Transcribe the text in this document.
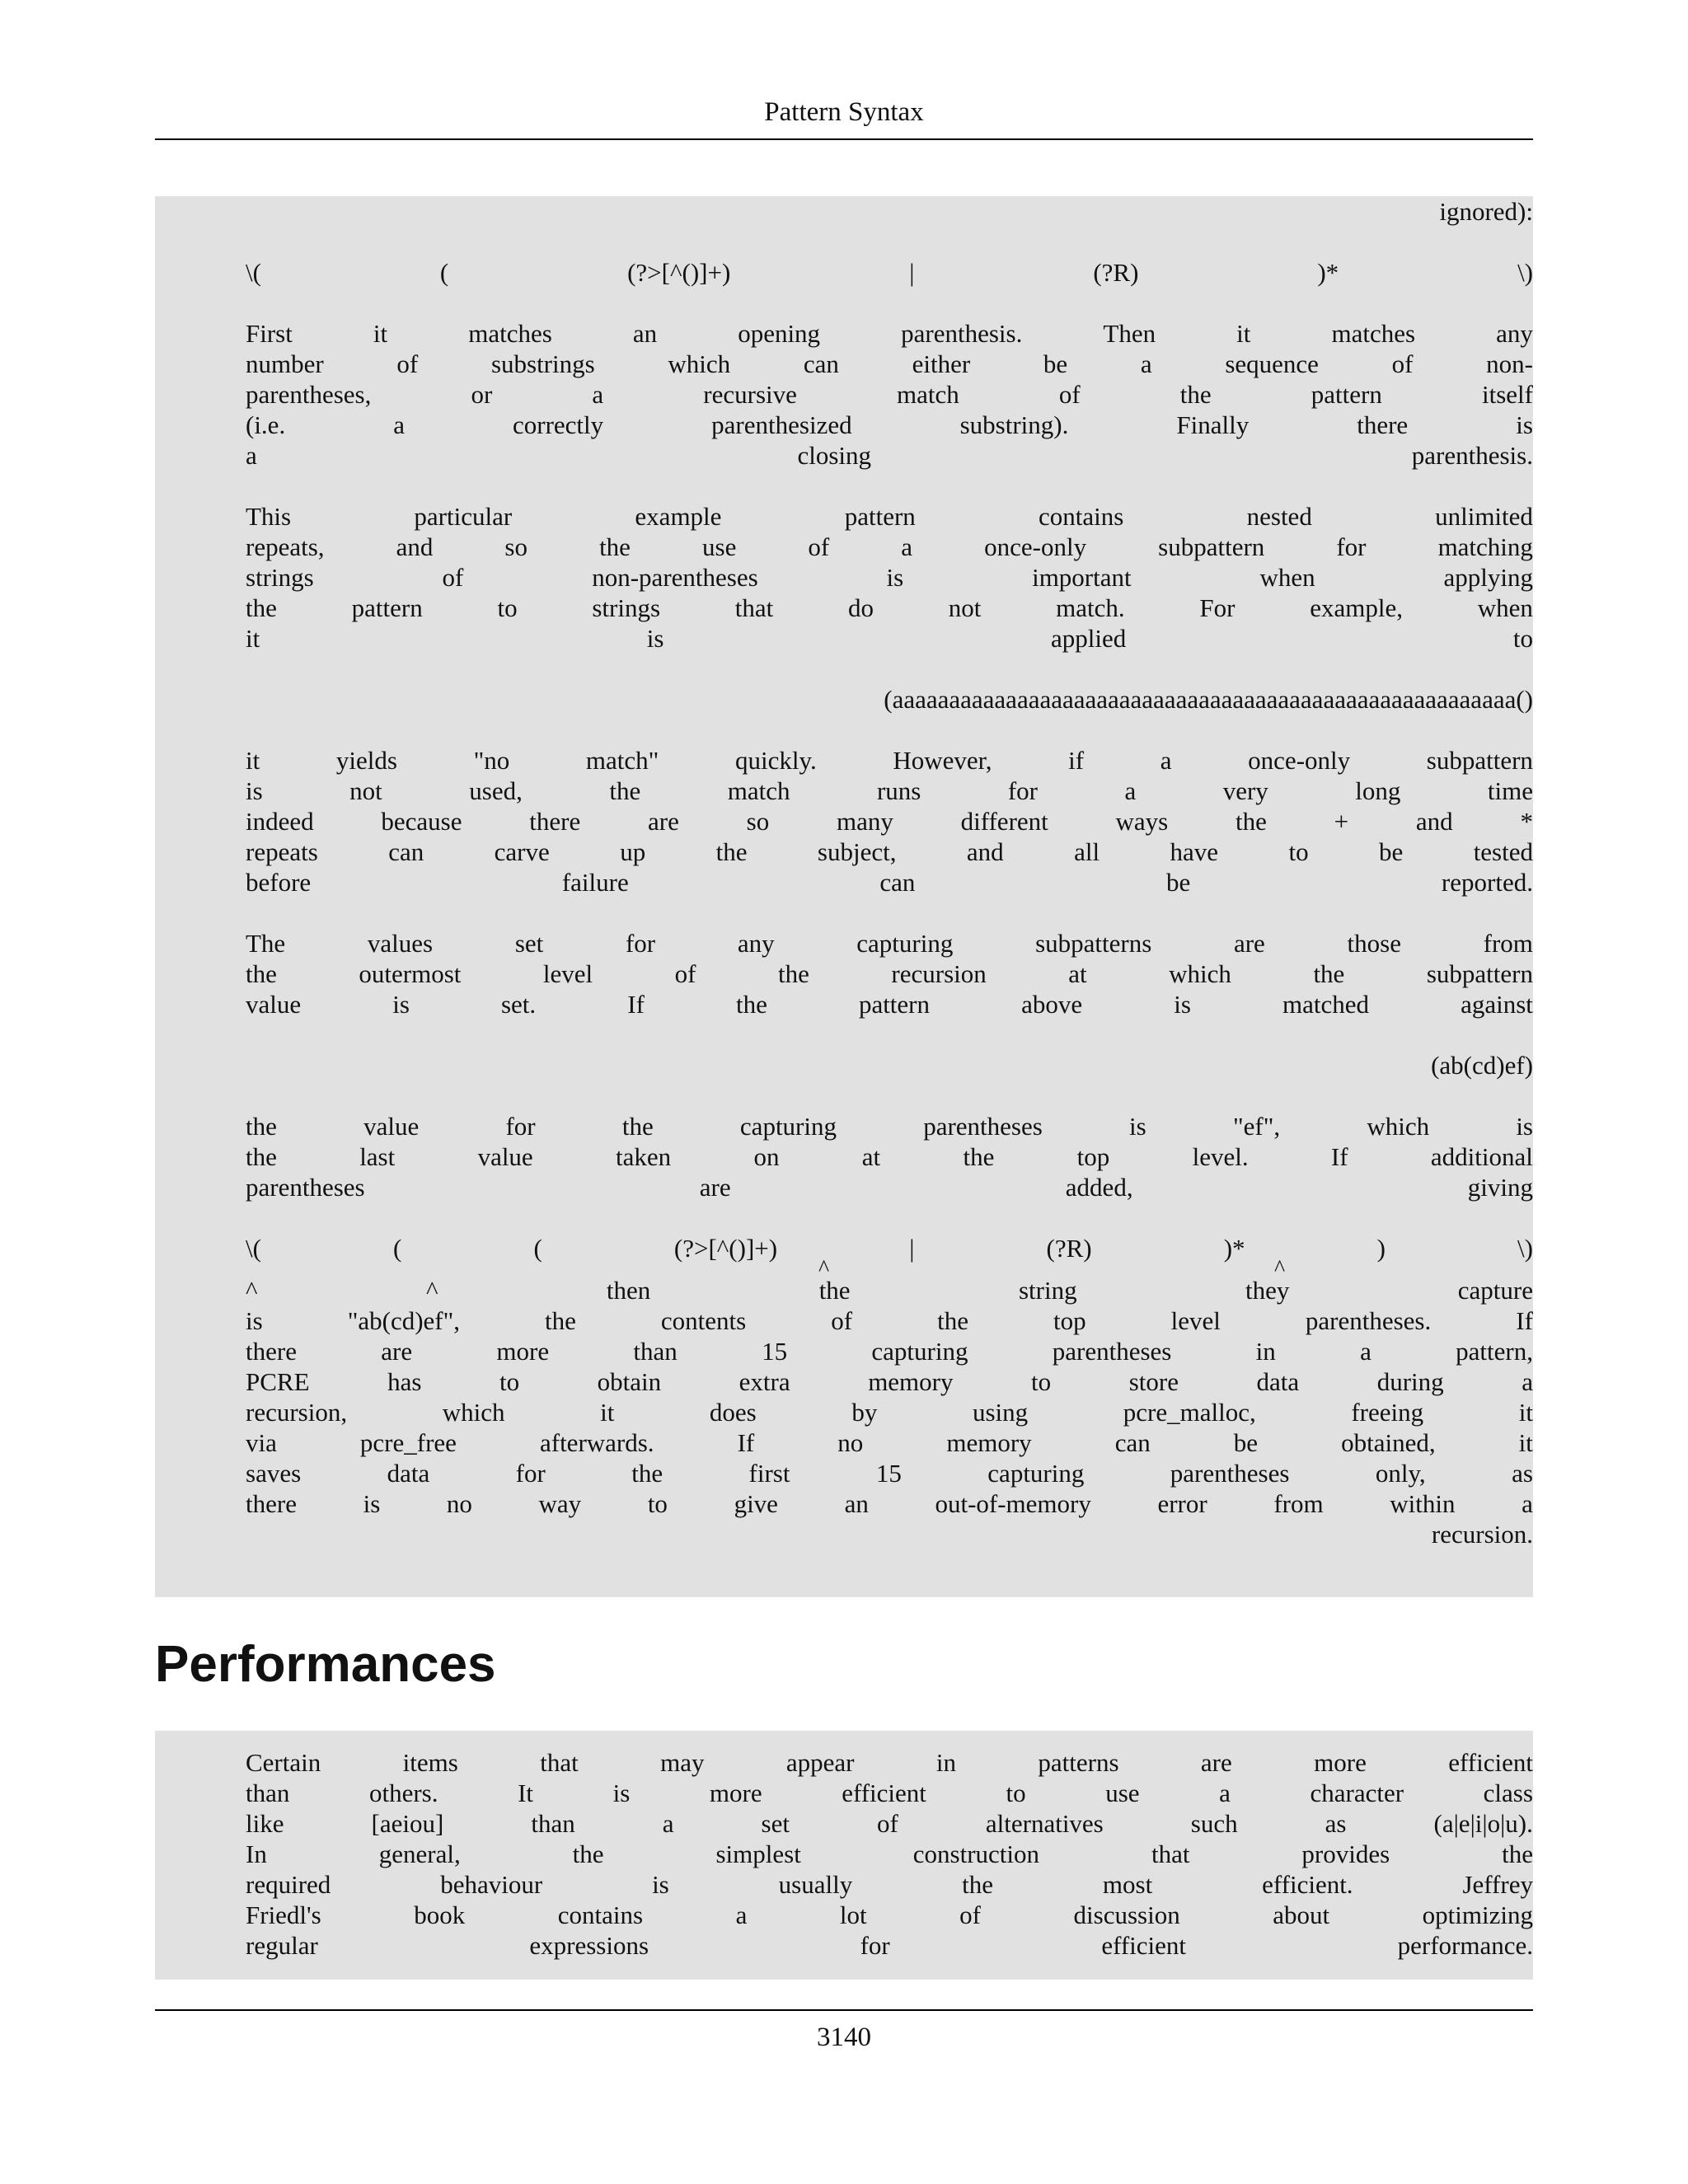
Pattern Syntax
ignored):
\(	(	(?>[^()]+)	|	(?R)	)*	\)
First	it	matches	an	opening	parenthesis.	Then	it	matches	any
number	of	substrings	which	can	either	be	a	sequence	of	non-
parentheses,	or	a	recursive	match	of	the	pattern	itself
(i.e.	a	correctly	parenthesized	substring).	Finally	there	is
a	closing	parenthesis.
This	particular	example	pattern	contains	nested	unlimited
repeats,	and	so	the	use	of	a	once-only	subpattern	for	matching
strings	of	non-parentheses	is	important	when	applying
the	pattern	to	strings	that	do	not	match.	For	example,	when
it	is	applied	to
(aaaaaaaaaaaaaaaaaaaaaaaaaaaaaaaaaaaaaaaaaaaaaaaaaaaaaaa()
it	yields	"no	match"	quickly.	However,	if	a	once-only	subpattern
is	not	used,	the	match	runs	for	a	very	long	time
indeed	because	there	are	so	many	different	ways	the	+	and	*
repeats	can	carve	up	the	subject,	and	all	have	to	be	tested
before	failure	can	be	reported.
The	values	set	for	any	capturing	subpatterns	are	those	from
the	outermost	level	of	the	recursion	at	which	the	subpattern
value	is	set.	If	the	pattern	above	is	matched	against
(ab(cd)ef)
the	value	for	the	capturing	parentheses	is	"ef",	which	is
the	last	value	taken	on	at	the	top	level.	If	additional
parentheses	are	added,	giving
\(	(	(	(?>[^()]+)	|	(?R)	)*	)	\)
^	^
^	^	then	the	string	they	capture
is	"ab(cd)ef",	the	contents	of	the	top	level	parentheses.	If
there	are	more	than	15	capturing	parentheses	in	a	pattern,
PCRE	has	to	obtain	extra	memory	to	store	data	during	a
recursion,	which	it	does	by	using	pcre_malloc,	freeing	it
via	pcre_free	afterwards.	If	no	memory	can	be	obtained,	it
saves	data	for	the	first	15	capturing	parentheses	only,	as
there	is	no	way	to	give	an	out-of-memory	error	from	within	a
recursion.
Performances
Certain	items	that	may	appear	in	patterns	are	more	efficient
than	others.	It	is	more	efficient	to	use	a	character	class
like	[aeiou]	than	a	set	of	alternatives	such	as	(a|e|i|o|u).
In	general,	the	simplest	construction	that	provides	the
required	behaviour	is	usually	the	most	efficient.	Jeffrey
Friedl's	book	contains	a	lot	of	discussion	about	optimizing
regular	expressions	for	efficient	performance.
3140
